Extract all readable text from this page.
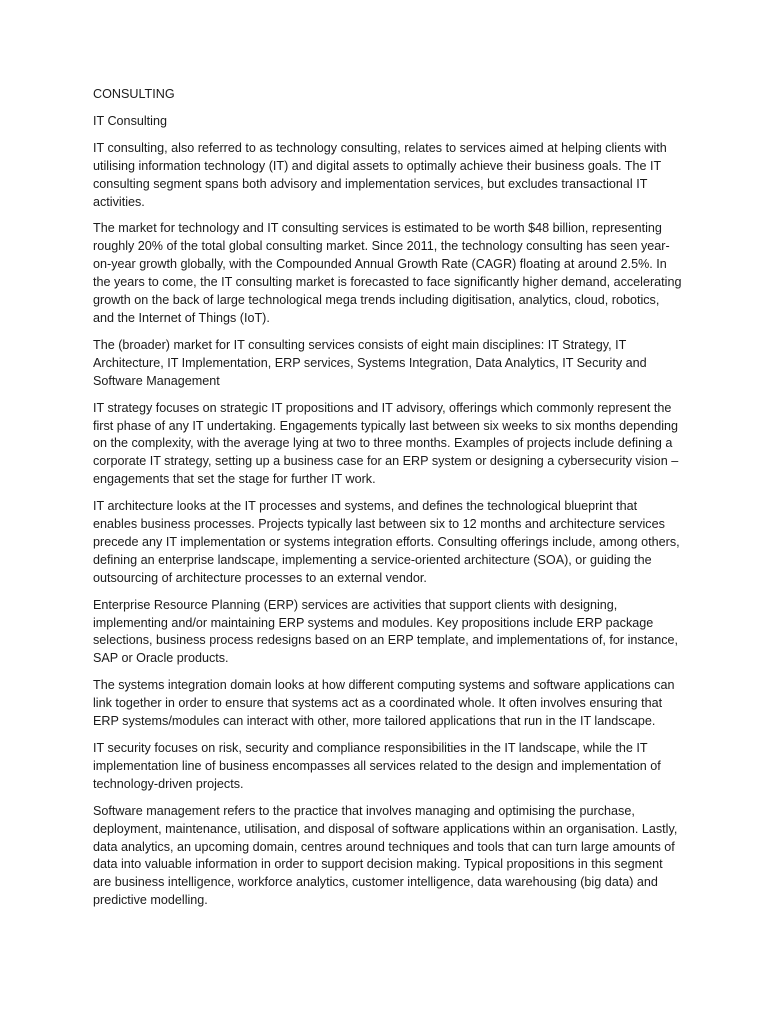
CONSULTING

IT Consulting

IT consulting, also referred to as technology consulting, relates to services aimed at helping clients with utilising information technology (IT) and digital assets to optimally achieve their business goals. The IT consulting segment spans both advisory and implementation services, but excludes transactional IT activities.

The market for technology and IT consulting services is estimated to be worth $48 billion, representing roughly 20% of the total global consulting market. Since 2011, the technology consulting has seen year-on-year growth globally, with the Compounded Annual Growth Rate (CAGR) floating at around 2.5%. In the years to come, the IT consulting market is forecasted to face significantly higher demand, accelerating growth on the back of large technological mega trends including digitisation, analytics, cloud, robotics, and the Internet of Things (IoT).

The (broader) market for IT consulting services consists of eight main disciplines: IT Strategy, IT Architecture, IT Implementation, ERP services, Systems Integration, Data Analytics, IT Security and Software Management

IT strategy focuses on strategic IT propositions and IT advisory, offerings which commonly represent the first phase of any IT undertaking. Engagements typically last between six weeks to six months depending on the complexity, with the average lying at two to three months. Examples of projects include defining a corporate IT strategy, setting up a business case for an ERP system or designing a cybersecurity vision – engagements that set the stage for further IT work.

IT architecture looks at the IT processes and systems, and defines the technological blueprint that enables business processes. Projects typically last between six to 12 months and architecture services precede any IT implementation or systems integration efforts. Consulting offerings include, among others, defining an enterprise landscape, implementing a service-oriented architecture (SOA), or guiding the outsourcing of architecture processes to an external vendor.

Enterprise Resource Planning (ERP) services are activities that support clients with designing, implementing and/or maintaining ERP systems and modules. Key propositions include ERP package selections, business process redesigns based on an ERP template, and implementations of, for instance, SAP or Oracle products.

The systems integration domain looks at how different computing systems and software applications can link together in order to ensure that systems act as a coordinated whole. It often involves ensuring that ERP systems/modules can interact with other, more tailored applications that run in the IT landscape.

IT security focuses on risk, security and compliance responsibilities in the IT landscape, while the IT implementation line of business encompasses all services related to the design and implementation of technology-driven projects.

Software management refers to the practice that involves managing and optimising the purchase, deployment, maintenance, utilisation, and disposal of software applications within an organisation. Lastly, data analytics, an upcoming domain, centres around techniques and tools that can turn large amounts of data into valuable information in order to support decision making. Typical propositions in this segment are business intelligence, workforce analytics, customer intelligence, data warehousing (big data) and predictive modelling.
